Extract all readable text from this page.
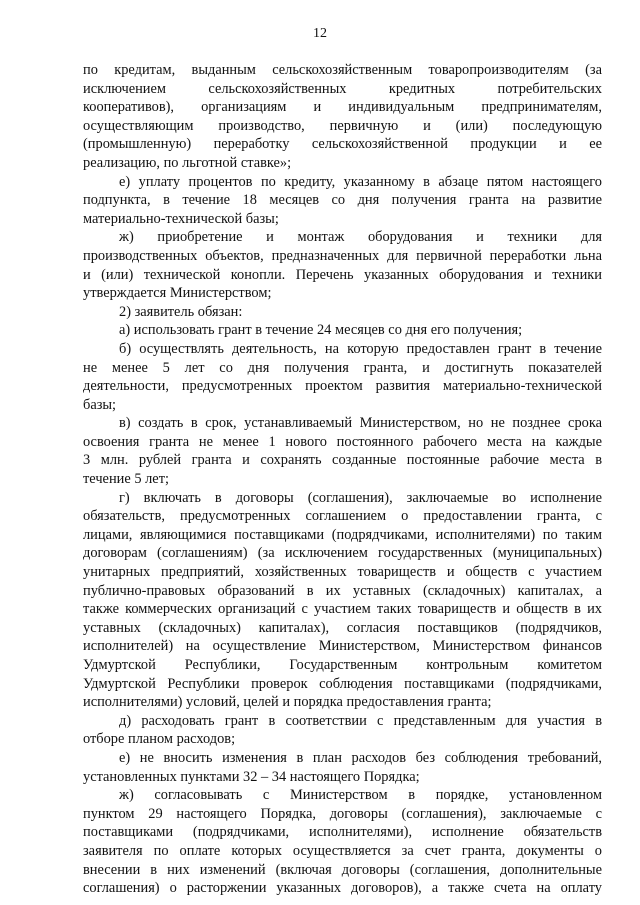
12
по кредитам, выданным сельскохозяйственным товаропроизводителям (за
исключением сельскохозяйственных кредитных потребительских
кооперативов), организациям и индивидуальным предпринимателям,
осуществляющим производство, первичную и (или) последующую
(промышленную) переработку сельскохозяйственной продукции и ее
реализацию, по льготной ставке»;
е) уплату процентов по кредиту, указанному в абзаце пятом настоящего
подпункта, в течение 18 месяцев со дня получения гранта на развитие
материально-технической базы;
ж) приобретение и монтаж оборудования и техники для
производственных объектов, предназначенных для первичной переработки льна
и (или) технической конопли. Перечень указанных оборудования и техники
утверждается Министерством;
2) заявитель обязан:
а) использовать грант в течение 24 месяцев со дня его получения;
б) осуществлять деятельность, на которую предоставлен грант в течение
не менее 5 лет со дня получения гранта, и достигнуть показателей
деятельности, предусмотренных проектом развития материально-технической
базы;
в) создать в срок, устанавливаемый Министерством, но не позднее срока
освоения гранта не менее 1 нового постоянного рабочего места на каждые
3 млн. рублей гранта и сохранять созданные постоянные рабочие места в
течение 5 лет;
г) включать в договоры (соглашения), заключаемые во исполнение
обязательств, предусмотренных соглашением о предоставлении гранта, с
лицами, являющимися поставщиками (подрядчиками, исполнителями) по таким
договорам (соглашениям) (за исключением государственных (муниципальных)
унитарных предприятий, хозяйственных товариществ и обществ с участием
публично-правовых образований в их уставных (складочных) капиталах, а
также коммерческих организаций с участием таких товариществ и обществ в их
уставных (складочных) капиталах), согласия поставщиков (подрядчиков,
исполнителей) на осуществление Министерством, Министерством финансов
Удмуртской Республики, Государственным контрольным комитетом
Удмуртской Республики проверок соблюдения поставщиками (подрядчиками,
исполнителями) условий, целей и порядка предоставления гранта;
д) расходовать грант в соответствии с представленным для участия в
отборе планом расходов;
е) не вносить изменения в план расходов без соблюдения требований,
установленных пунктами 32 – 34 настоящего Порядка;
ж) согласовывать с Министерством в порядке, установленном
пунктом 29 настоящего Порядка, договоры (соглашения), заключаемые с
поставщиками (подрядчиками, исполнителями), исполнение обязательств
заявителя по оплате которых осуществляется за счет гранта, документы о
внесении в них изменений (включая договоры (соглашения, дополнительные
соглашения) о расторжении указанных договоров), а также счета на оплату
